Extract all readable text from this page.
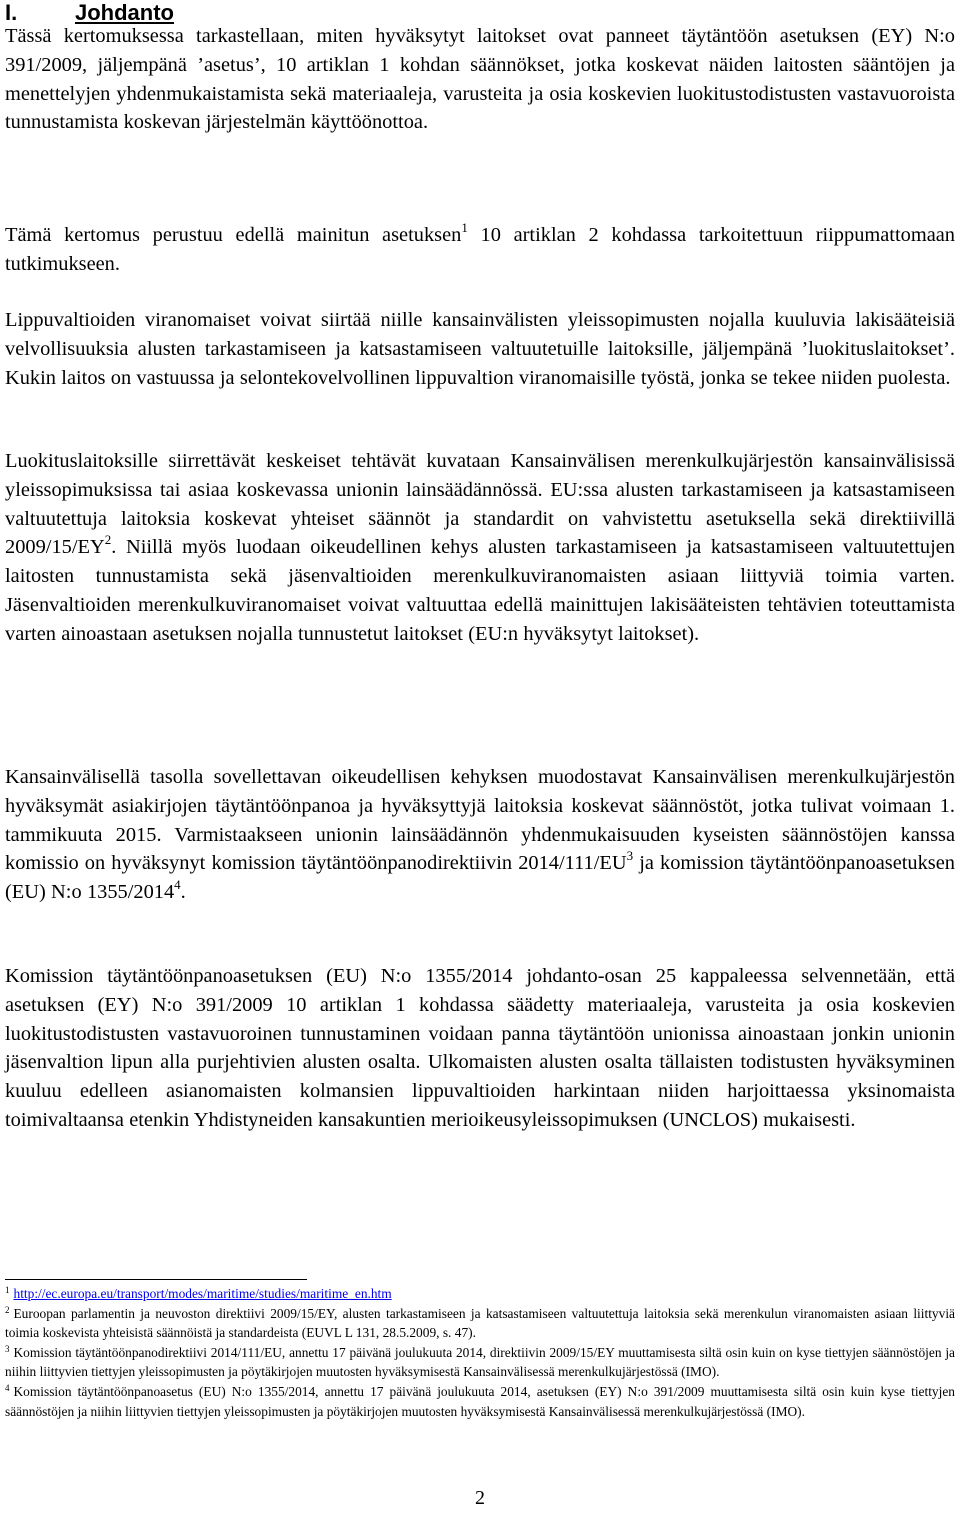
I.	Johdanto

Tässä kertomuksessa tarkastellaan, miten hyväksytyt laitokset ovat panneet täytäntöön asetuksen (EY) N:o 391/2009, jäljempänä ’asetus’, 10 artiklan 1 kohdan säännökset, jotka koskevat näiden laitosten sääntöjen ja menettelyjen yhdenmukaistamista sekä materiaaleja, varusteita ja osia koskevien luokitustodistusten vastavuoroista tunnustamista koskevan järjestelmän käyttöönottoa.

Tämä kertomus perustuu edellä mainitun asetuksen$^1$ 10 artiklan 2 kohdassa tarkoitettuun riippumattomaan tutkimukseen.

Lippuvaltioiden viranomaiset voivat siirtää niille kansainvälisten yleissopimusten nojalla kuuluvia lakisääteisiä velvollisuuksia alusten tarkastamiseen ja katsastamiseen valtuutetuille laitoksille, jäljempänä ’luokituslaitokset’. Kukin laitos on vastuussa ja selontekovelvollinen lippuvaltion viranomaisille työstä, jonka se tekee niiden puolesta.

Luokituslaitoksille siirrettävät keskeiset tehtävät kuvataan Kansainvälisen merenkulkujärjestön kansainvälisissä yleissopimuksissa tai asiaa koskevassa unionin lainsäädännössä. EU:ssa alusten tarkastamiseen ja katsastamiseen valtuutettuja laitoksia koskevat yhteiset säännöt ja standardit on vahvistettu asetuksella sekä direktiivillä $2009/15/EY^2$. Niillä myös luodaan oikeudellinen kehys alusten tarkastamiseen ja katsastamiseen valtuutettujen laitosten tunnustamista sekä jäsenvaltioiden merenkulkuviranomaisten asiaan liittyviä toimia varten. Jäsenvaltioiden merenkulkuviranomaiset voivat valtuuttaa edellä mainittujen lakisääteisten tehtävien toteuttamista varten ainoastaan asetuksen nojalla tunnustetut laitokset (EU:n hyväksytyt laitokset).

Kansainvälisellä tasolla sovellettavan oikeudellisen kehyksen muodostavat Kansainvälisen merenkulkujärjestön hyväksymät asiakirjojen täytäntöönpanoa ja hyväksyttyjä laitoksia koskevat säännöstöt, jotka tulivat voimaan 1. tammikuuta 2015. Varmistaakseen unionin lainsäädännön yhdenmukaisuuden kyseisten säännöstöjen kanssa komissio on hyväksynyt komission täytäntöönpanodirektiivin $2014/111/EU^3$ ja komission täytäntöönpanoasetuksen (EU) N:o 1355/2014$^4$.

Komission täytäntöönpanoasetuksen (EU) N:o 1355/2014 johdanto-osan 25 kappaleessa selvennetään, että asetuksen (EY) N:o 391/2009 10 artiklan 1 kohdassa säädetty materiaaleja, varusteita ja osia koskevien luokitustodistusten vastavuoroinen tunnustaminen voidaan panna täytäntöön unionissa ainoastaan jonkin unionin jäsenvaltion lipun alla purjehtivien alusten osalta. Ulkomaisten alusten osalta tällaisten todistusten hyväksyminen kuuluu edelleen asianomaisten kolmansien lippuvaltioiden harkintaan niiden harjoittaessa yksinomaista toimivaltaansa etenkin Yhdistyneiden kansakuntien merioikeusyleissopimuksen (UNCLOS) mukaisesti.

$^1$ http://ec.europa.eu/transport/modes/maritime/studies/maritime_en.htm

$^2$ Euroopan parlamentin ja neuvoston direktiivi 2009/15/EY, alusten tarkastamiseen ja katsastamiseen valtuutettuja laitoksia sekä merenkulun viranomaisten asiaan liittyviä toimia koskevista yhteisistä säännöistä ja standardeista (EUVL L 131, 28.5.2009, s. 47).

$^3$ Komission täytäntöönpanodirektiivi 2014/111/EU, annettu 17 päivänä joulukuuta 2014, direktiivin 2009/15/EY muuttamisesta siltä osin kuin on kyse tiettyjen säännöstöjen ja niihin liittyvien tiettyjen yleissopimusten ja pöytäkirjojen muutosten hyväksymisestä Kansainvälisessä merenkulkujärjestössä (IMO).

$^4$ Komission täytäntöönpanoasetus (EU) N:o 1355/2014, annettu 17 päivänä joulukuuta 2014, asetuksen (EY) N:o 391/2009 muuttamisesta siltä osin kuin kyse tiettyjen säännöstöjen ja niihin liittyvien tiettyjen yleissopimusten ja pöytäkirjojen muutosten hyväksymisestä Kansainvälisessä merenkulkujärjestössä (IMO).

2
